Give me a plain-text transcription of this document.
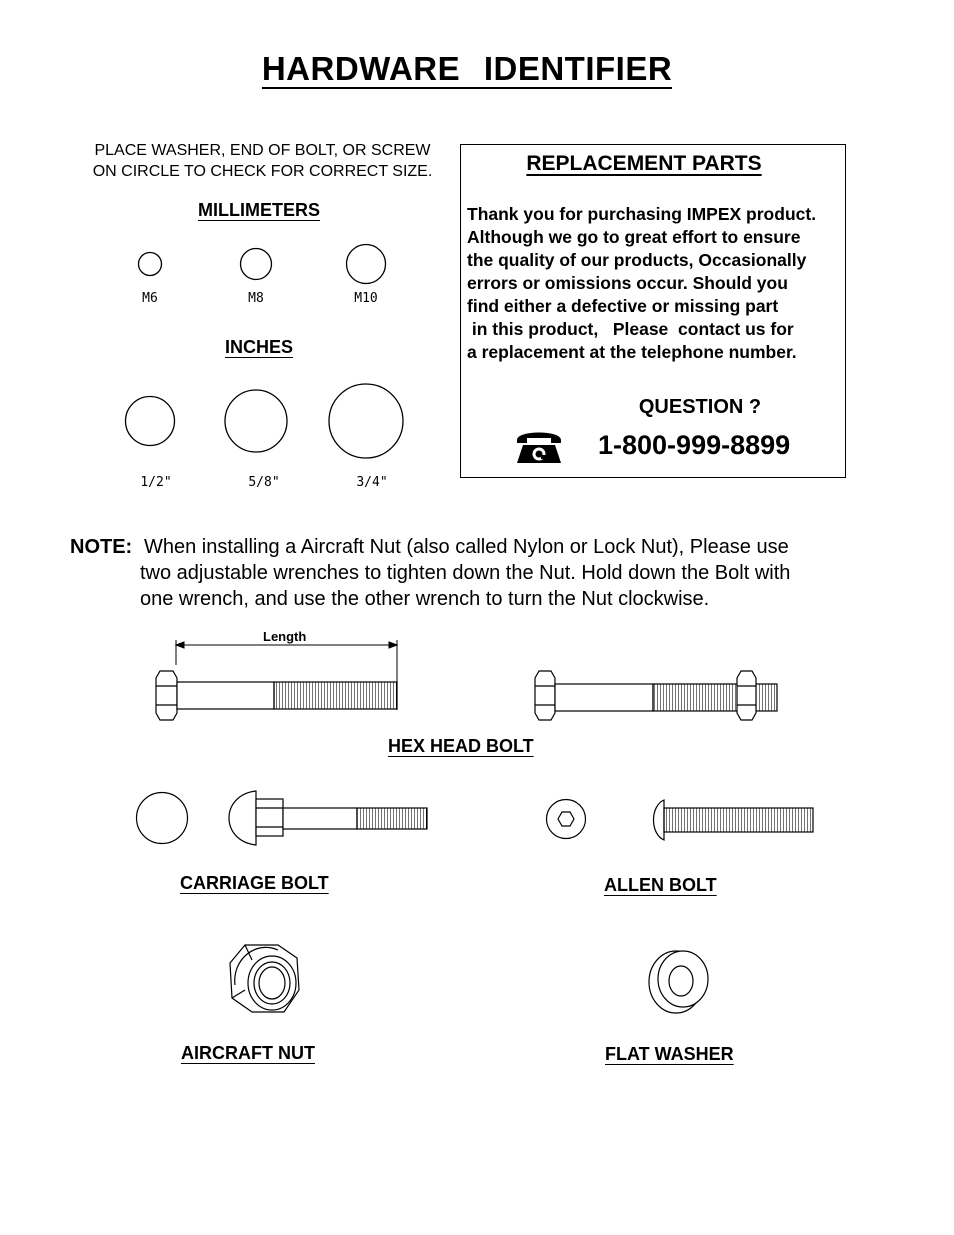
HARDWARE IDENTIFIER
PLACE WASHER, END OF BOLT, OR SCREW
ON CIRCLE TO CHECK FOR CORRECT SIZE.
MILLIMETERS
M6	M8	M10
INCHES
1/2"	5/8"	3/4"
REPLACEMENT PARTS
Thank you for purchasing IMPEX product.
Although we go to great effort to ensure
the quality of our products, Occasionally
errors or omissions occur. Should you
find either a defective or missing part
in this product,   Please  contact us for
a replacement at the telephone number.
QUESTION ?
1-800-999-8899
NOTE: When installing a Aircraft Nut (also called Nylon or Lock Nut), Please use
two adjustable wrenches to tighten down the Nut. Hold down the Bolt with
one wrench, and use the other wrench to turn the Nut clockwise.
Length
HEX HEAD BOLT
CARRIAGE BOLT	ALLEN BOLT
AIRCRAFT NUT	FLAT WASHER
